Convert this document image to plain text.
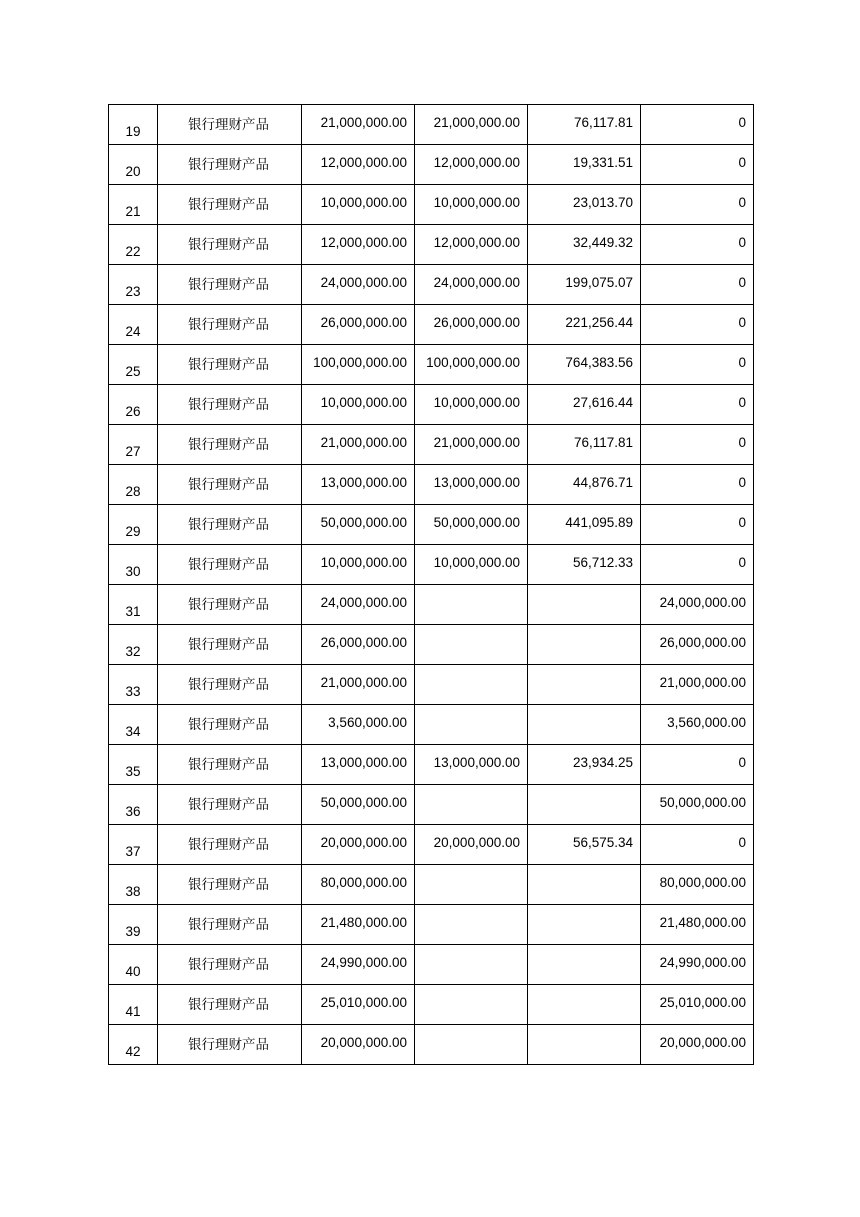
19	银行理财产品	21,000,000.00	21,000,000.00	76,117.81	0
20	银行理财产品	12,000,000.00	12,000,000.00	19,331.51	0
21	银行理财产品	10,000,000.00	10,000,000.00	23,013.70	0
22	银行理财产品	12,000,000.00	12,000,000.00	32,449.32	0
23	银行理财产品	24,000,000.00	24,000,000.00	199,075.07	0
24	银行理财产品	26,000,000.00	26,000,000.00	221,256.44	0
25	银行理财产品	100,000,000.00	100,000,000.00	764,383.56	0
26	银行理财产品	10,000,000.00	10,000,000.00	27,616.44	0
27	银行理财产品	21,000,000.00	21,000,000.00	76,117.81	0
28	银行理财产品	13,000,000.00	13,000,000.00	44,876.71	0
29	银行理财产品	50,000,000.00	50,000,000.00	441,095.89	0
30	银行理财产品	10,000,000.00	10,000,000.00	56,712.33	0
31	银行理财产品	24,000,000.00			24,000,000.00
32	银行理财产品	26,000,000.00			26,000,000.00
33	银行理财产品	21,000,000.00			21,000,000.00
34	银行理财产品	3,560,000.00			3,560,000.00
35	银行理财产品	13,000,000.00	13,000,000.00	23,934.25	0
36	银行理财产品	50,000,000.00			50,000,000.00
37	银行理财产品	20,000,000.00	20,000,000.00	56,575.34	0
38	银行理财产品	80,000,000.00			80,000,000.00
39	银行理财产品	21,480,000.00			21,480,000.00
40	银行理财产品	24,990,000.00			24,990,000.00
41	银行理财产品	25,010,000.00			25,010,000.00
42	银行理财产品	20,000,000.00			20,000,000.00
